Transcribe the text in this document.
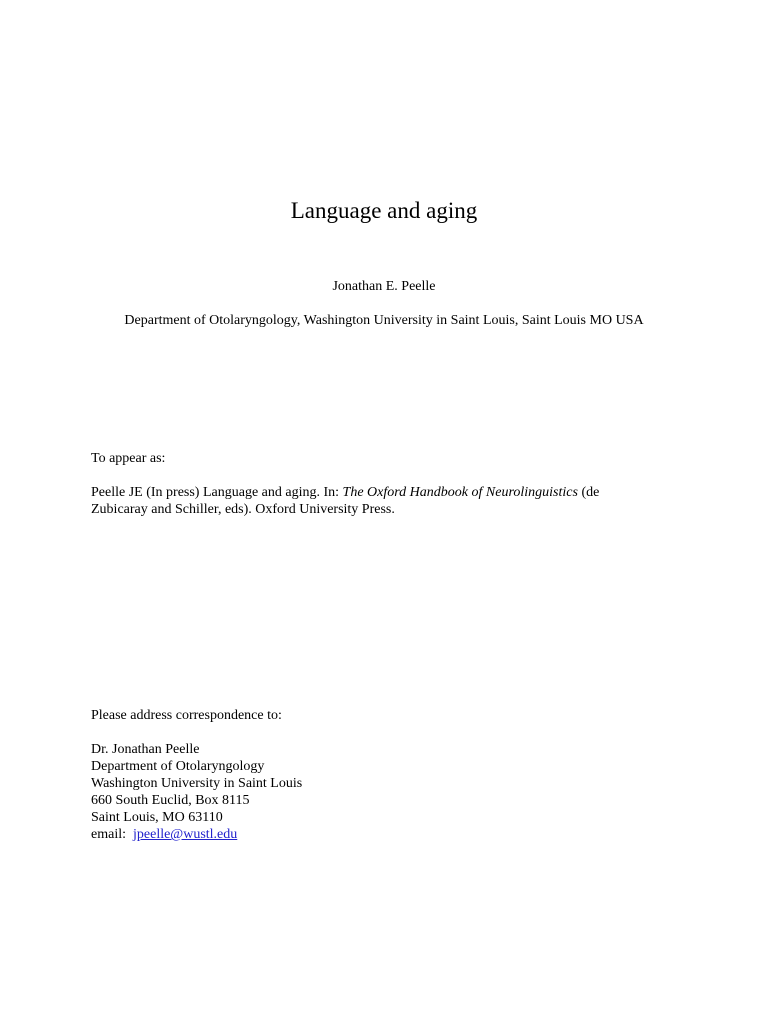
Language and aging

Jonathan E. Peelle

Department of Otolaryngology, Washington University in Saint Louis, Saint Louis MO USA

To appear as:

Peelle JE (In press) Language and aging. In: The Oxford Handbook of Neurolinguistics (de
Zubicaray and Schiller, eds). Oxford University Press.

Please address correspondence to:

Dr. Jonathan Peelle
Department of Otolaryngology
Washington University in Saint Louis
660 South Euclid, Box 8115
Saint Louis, MO 63110
email: jpeelle@wustl.edu
